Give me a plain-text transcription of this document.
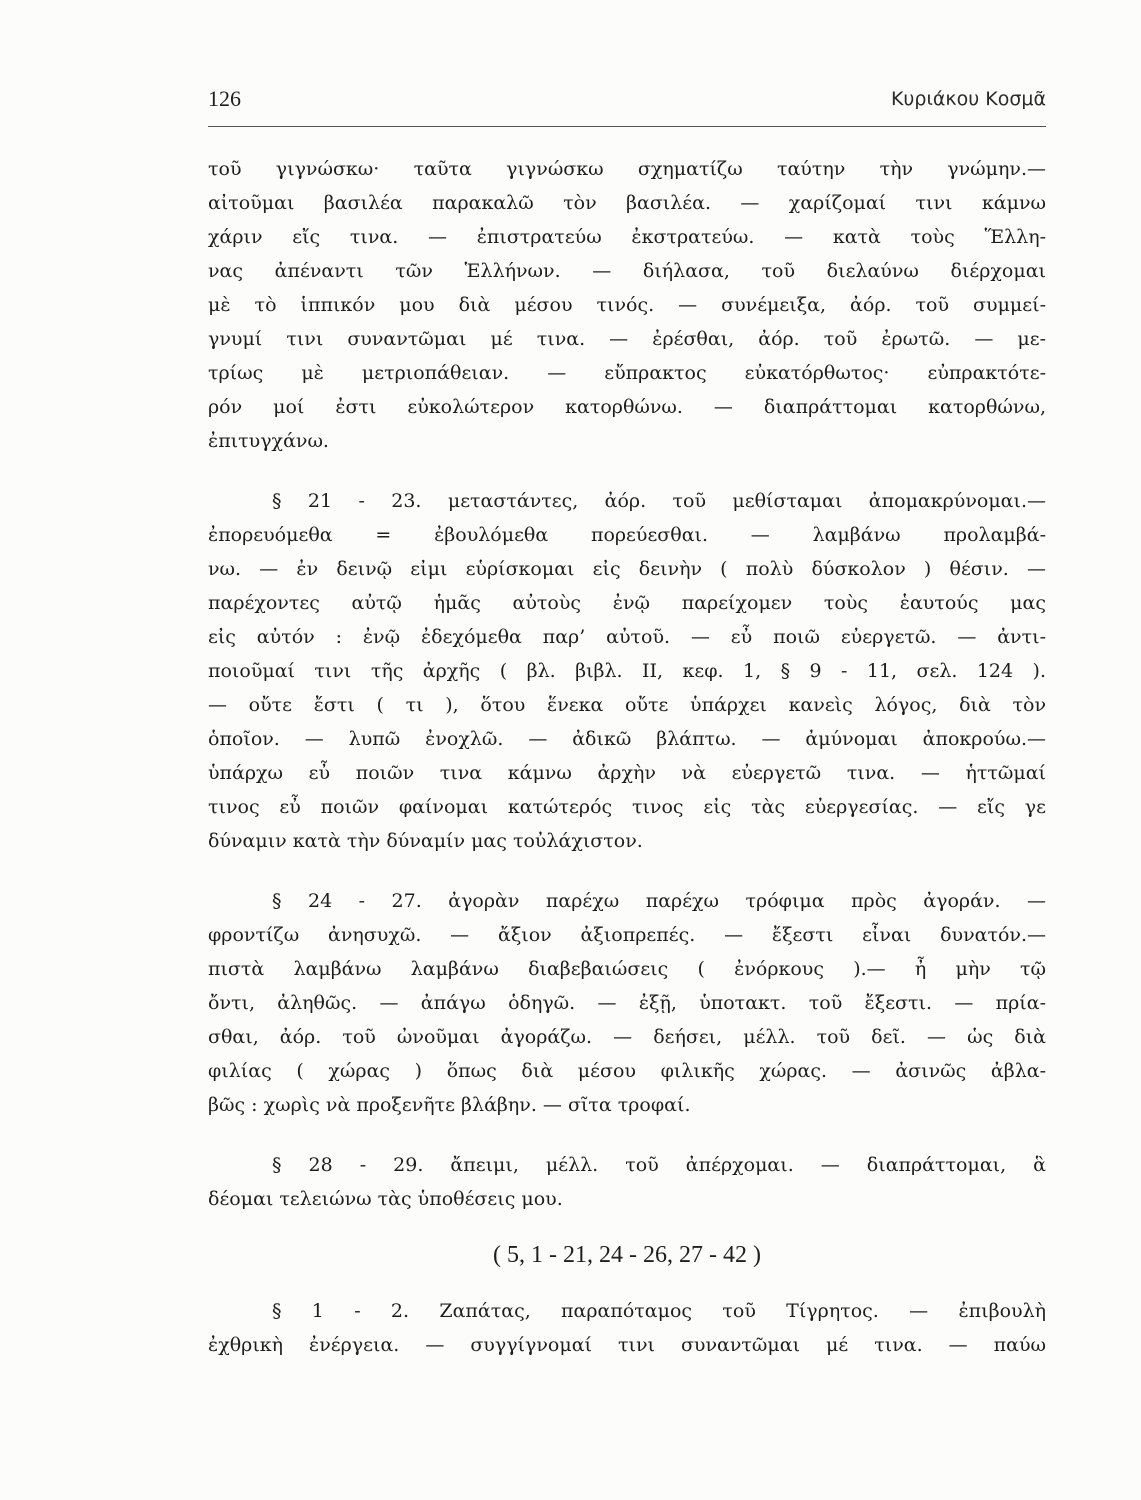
126	Κυριάκου Κοσμᾶ
τοῦ γιγνώσκω· ταῦτα γιγνώσκω σχηματίζω ταύτην τὴν γνώμην.—
αἰτοῦμαι βασιλέα παρακαλῶ τὸν βασιλέα. — χαρίζομαί τινι κάμνω
χάριν εἴς τινα. — ἐπιστρατεύω ἐκστρατεύω. — κατὰ τοὺς Ἕλλη-
νας ἀπέναντι τῶν Ἑλλήνων. — διήλασα, τοῦ διελαύνω διέρχομαι
μὲ τὸ ἱππικόν μου διὰ μέσου τινός. — συνέμειξα, ἀόρ. τοῦ συμμεί-
γνυμί τινι συναντῶμαι μέ τινα. — ἐρέσθαι, ἀόρ. τοῦ ἐρωτῶ. — με-
τρίως μὲ μετριοπάθειαν. — εὔπρακτος εὐκατόρθωτος· εὐπρακτότε-
ρόν μοί ἐστι εὐκολώτερον κατορθώνω. — διαπράττομαι κατορθώνω,
ἐπιτυγχάνω.
§ 21 - 23. μεταστάντες, ἀόρ. τοῦ μεθίσταμαι ἀπομακρύνομαι.—
ἐπορευόμεθα = ἐβουλόμεθα πορεύεσθαι. — λαμβάνω προλαμβά-
νω. — ἐν δεινῷ εἰμι εὑρίσκομαι εἰς δεινὴν ( πολὺ δύσκολον ) θέσιν. —
παρέχοντες αὐτῷ ἡμᾶς αὐτοὺς ἐνῷ παρείχομεν τοὺς ἑαυτούς μας
εἰς αὐτόν : ἐνῷ ἐδεχόμεθα παρ’ αὐτοῦ. — εὖ ποιῶ εὐεργετῶ. — ἀντι-
ποιοῦμαί τινι τῆς ἀρχῆς ( βλ. βιβλ. II, κεφ. 1, § 9 - 11, σελ. 124 ).
— οὔτε ἔστι ( τι ), ὅτου ἕνεκα οὔτε ὑπάρχει κανεὶς λόγος, διὰ τὸν
ὁποῖον. — λυπῶ ἐνοχλῶ. — ἀδικῶ βλάπτω. — ἀμύνομαι ἀποκρούω.—
ὑπάρχω εὖ ποιῶν τινα κάμνω ἀρχὴν νὰ εὐεργετῶ τινα. — ἡττῶμαί
τινος εὖ ποιῶν φαίνομαι κατώτερός τινος εἰς τὰς εὐεργεσίας. — εἴς γε
δύναμιν κατὰ τὴν δύναμίν μας τοὐλάχιστον.
§ 24 - 27. ἀγορὰν παρέχω παρέχω τρόφιμα πρὸς ἀγοράν. —
φροντίζω ἀνησυχῶ. — ἄξιον ἀξιοπρεπές. — ἔξεστι εἶναι δυνατόν.—
πιστὰ λαμβάνω λαμβάνω διαβεβαιώσεις ( ἐνόρκους ).— ἦ μὴν τῷ
ὄντι, ἀληθῶς. — ἀπάγω ὁδηγῶ. — ἐξῇ, ὑποτακτ. τοῦ ἔξεστι. — πρία-
σθαι, ἀόρ. τοῦ ὠνοῦμαι ἀγοράζω. — δεήσει, μέλλ. τοῦ δεῖ. — ὡς διὰ
φιλίας ( χώρας ) ὅπως διὰ μέσου φιλικῆς χώρας. — ἀσινῶς ἀβλα-
βῶς : χωρὶς νὰ προξενῆτε βλάβην. — σῖτα τροφαί.
§ 28 - 29. ἄπειμι, μέλλ. τοῦ ἀπέρχομαι. — διαπράττομαι, ἃ
δέομαι τελειώνω τὰς ὑποθέσεις μου.
( 5, 1 - 21, 24 - 26, 27 - 42 )
§ 1 - 2. Ζαπάτας, παραπόταμος τοῦ Τίγρητος. — ἐπιβουλὴ
ἐχθρικὴ ἐνέργεια. — συγγίγνομαί τινι συναντῶμαι μέ τινα. — παύω
